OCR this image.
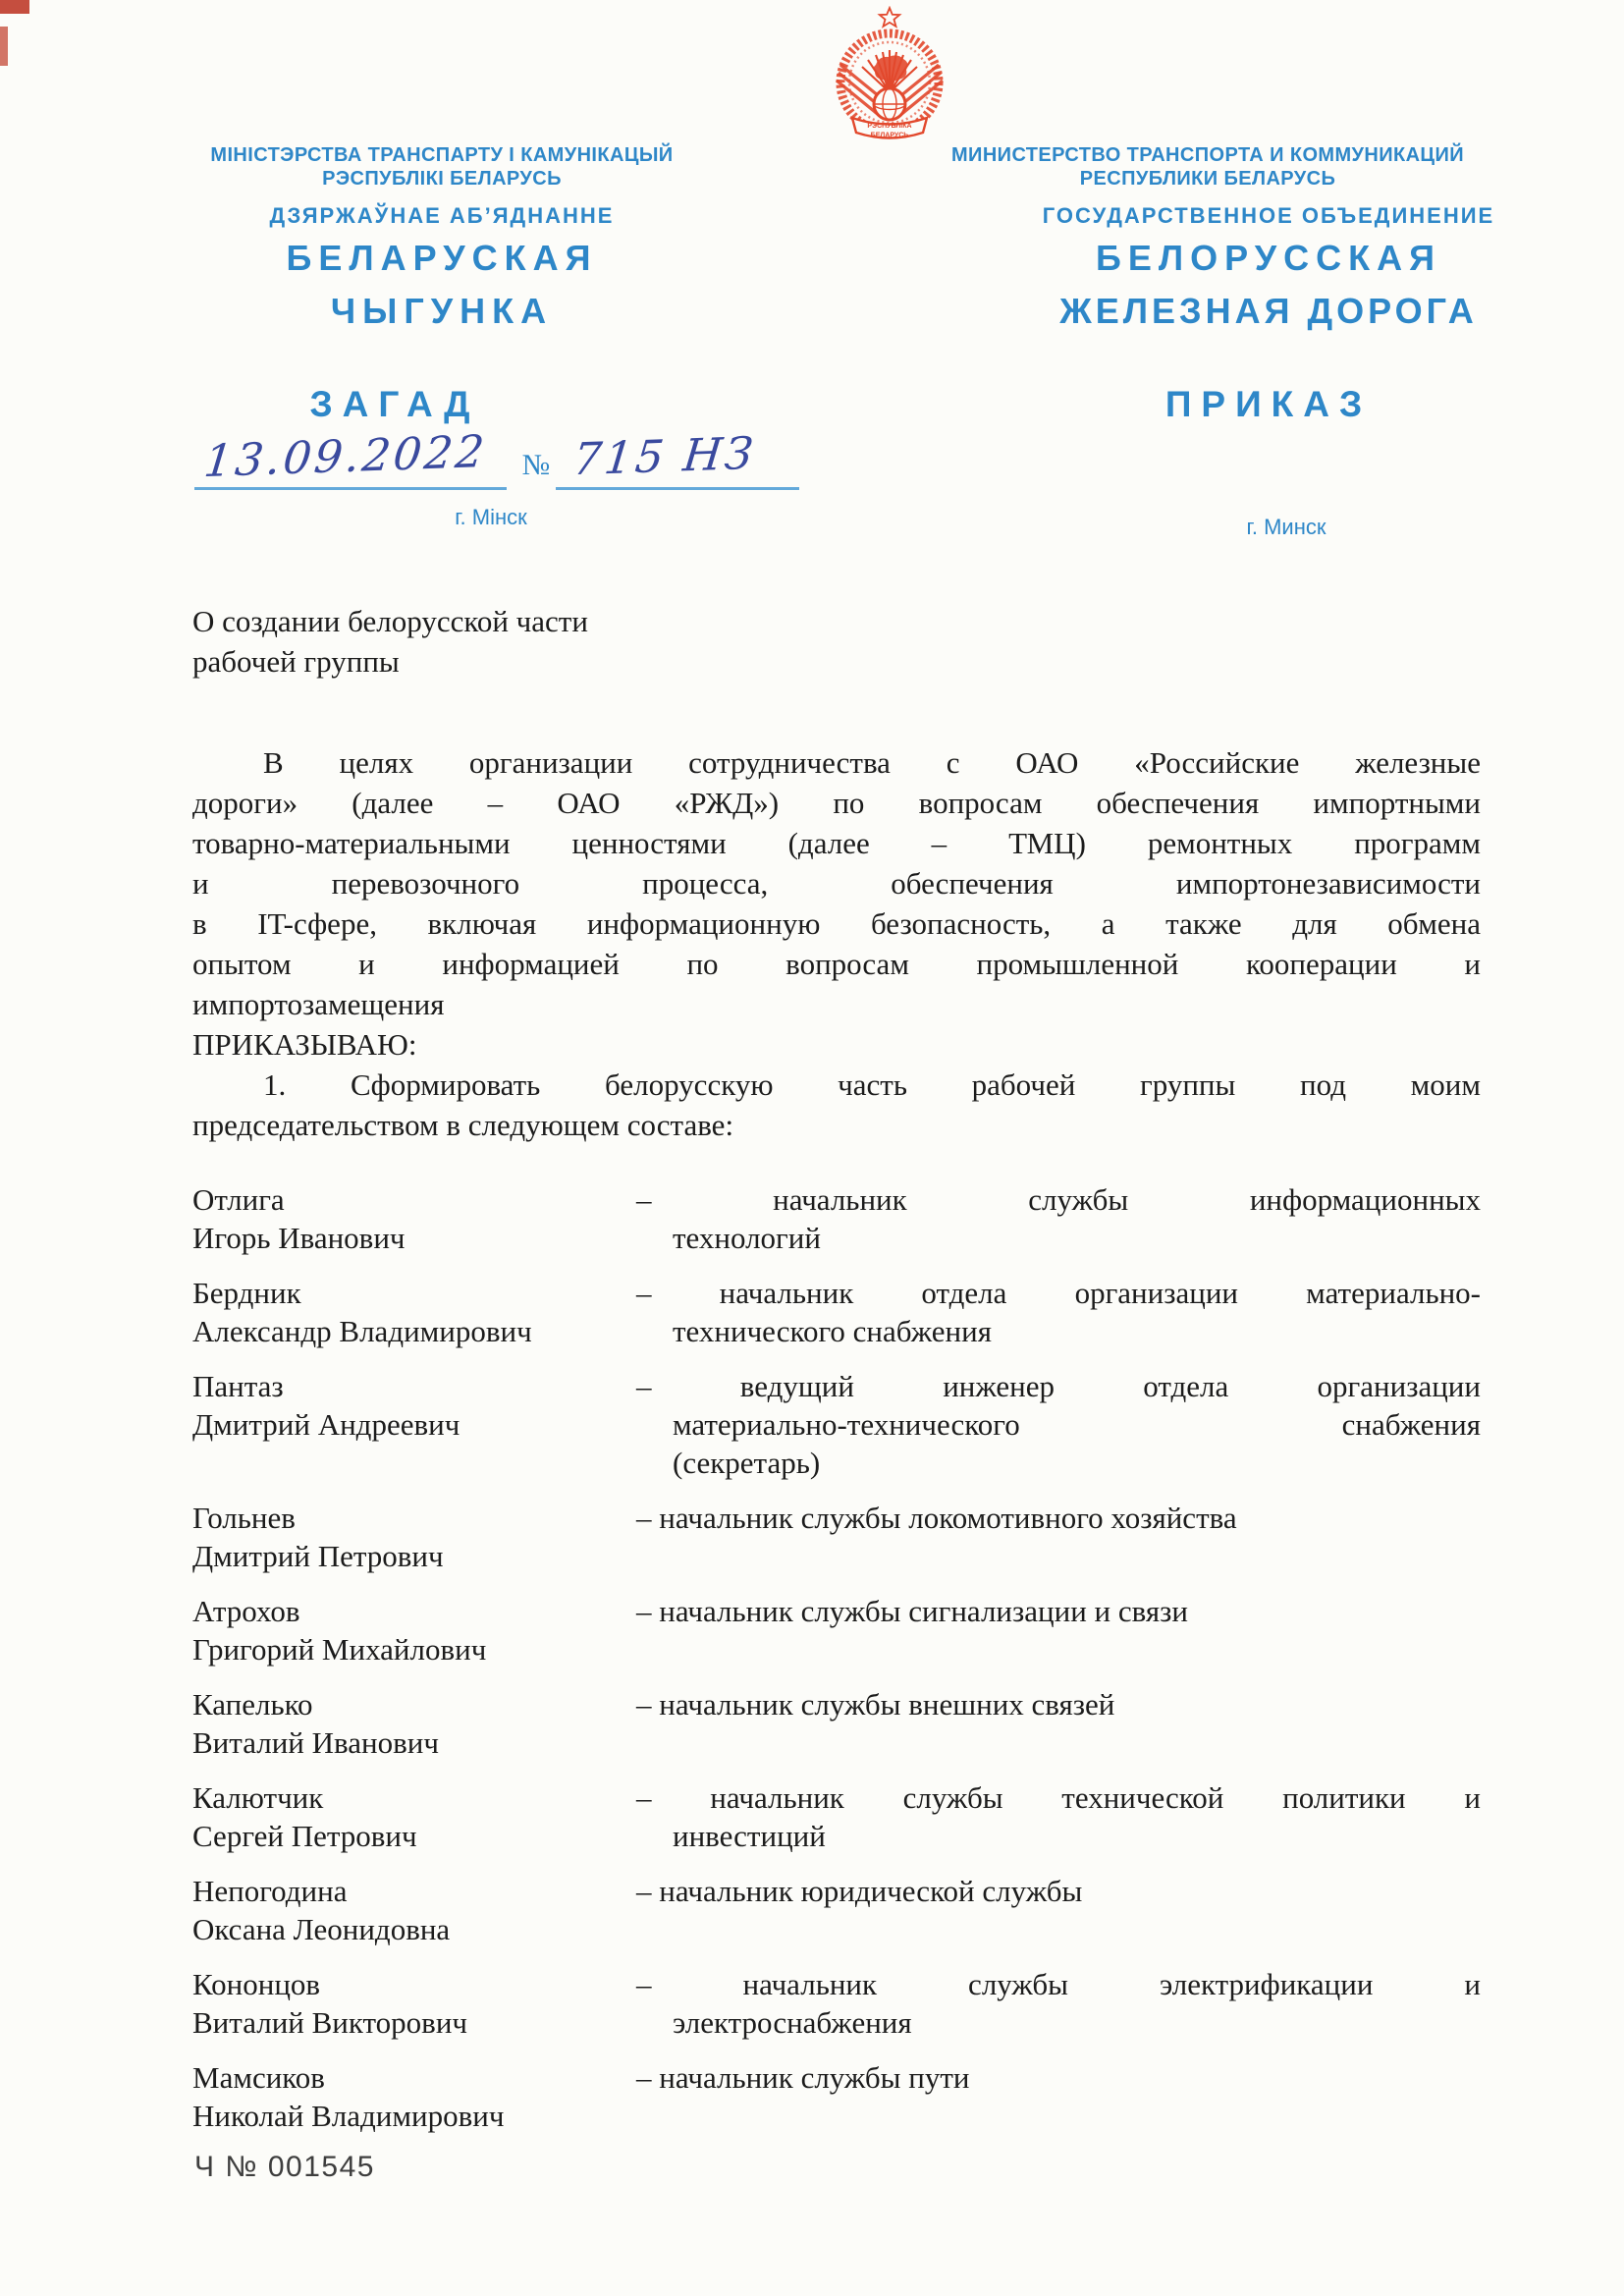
РЭСПУБЛІКА
БЕЛАРУСЬ
МІНІСТЭРСТВА ТРАНСПАРТУ І КАМУНІКАЦЫЙ
РЭСПУБЛІКІ БЕЛАРУСЬ
ДЗЯРЖАЎНАЕ АБ’ЯДНАННЕ
БЕЛАРУСКАЯ
ЧЫГУНКА
ЗАГАД
МИНИСТЕРСТВО ТРАНСПОРТА И КОММУНИКАЦИЙ
РЕСПУБЛИКИ БЕЛАРУСЬ
ГОСУДАРСТВЕННОЕ ОБЪЕДИНЕНИЕ
БЕЛОРУССКАЯ
ЖЕЛЕЗНАЯ ДОРОГА
ПРИКАЗ
13.09.2022	№ 715 НЗ
г. Мінск	г. Минск
О создании белорусской части
рабочей группы
В целях организации сотрудничества с ОАО «Российские железные
дороги» (далее – ОАО «РЖД») по вопросам обеспечения импортными
товарно-материальными ценностями (далее – ТМЦ) ремонтных программ
и перевозочного процесса, обеспечения импортонезависимости
в IT-сфере, включая информационную безопасность, а также для обмена
опытом и информацией по вопросам промышленной кооперации и
импортозамещения
ПРИКАЗЫВАЮ:
1. Сформировать белорусскую часть рабочей группы под моим
председательством в следующем составе:
Отлига
Игорь Иванович
– начальник службы информационных
технологий
Бердник
Александр Владимирович
– начальник отдела организации материально-
технического снабжения
Пантаз
Дмитрий Андреевич
– ведущий инженер отдела организации
материально-технического снабжения
(секретарь)
Гольнев
Дмитрий Петрович
– начальник службы локомотивного хозяйства
Атрохов
Григорий Михайлович
– начальник службы сигнализации и связи
Капелько
Виталий Иванович
– начальник службы внешних связей
Калютчик
Сергей Петрович
– начальник службы технической политики и
инвестиций
Непогодина
Оксана Леонидовна
– начальник юридической службы
Кононцов
Виталий Викторович
– начальник службы электрификации и
электроснабжения
Мамсиков
Николай Владимирович
– начальник службы пути
Ч № 001545
